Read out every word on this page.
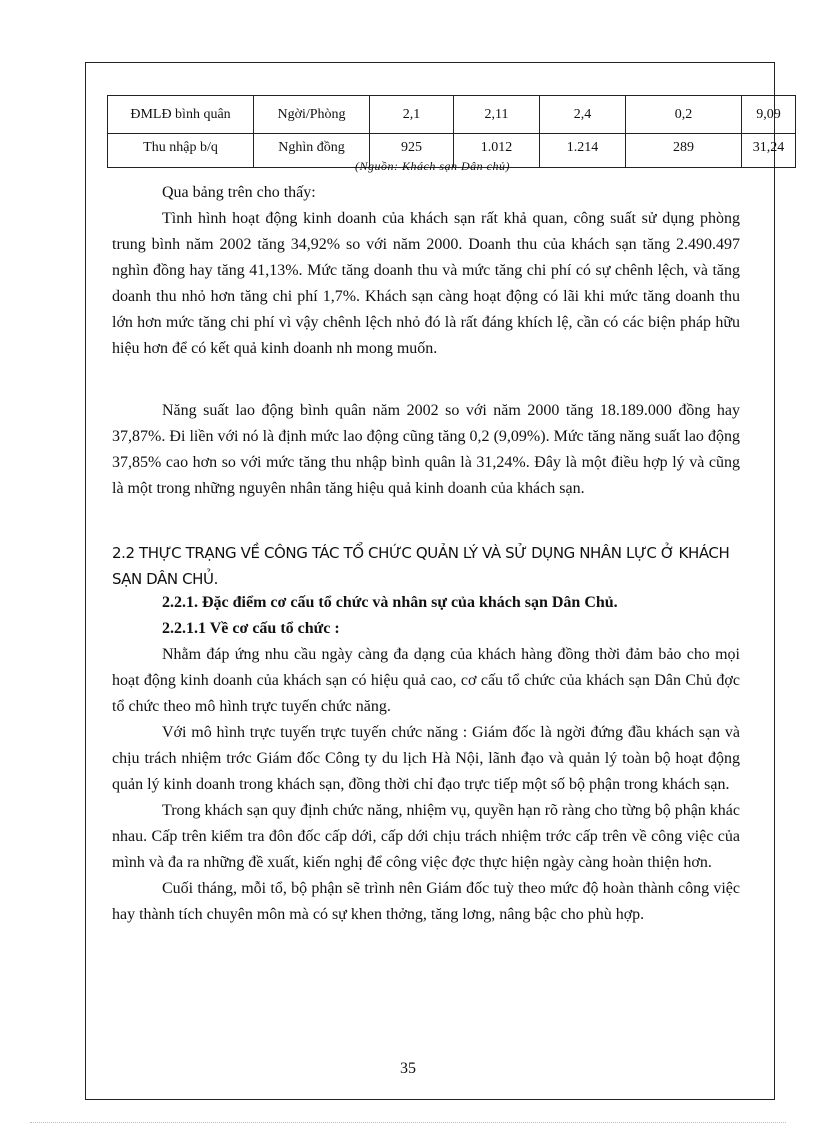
ĐMLĐ bình quân	Ngời/Phòng	2,1	2,11	2,4	0,2	9,09
Thu nhập b/q	Nghìn đồng	925	1.012	1.214	289	31,24
(Nguồn: Khách sạn Dân chủ)

Qua bảng trên cho thấy:

Tình hình hoạt động kinh doanh của khách sạn rất khả quan, công suất sử dụng phòng trung bình năm 2002 tăng 34,92% so với năm 2000. Doanh thu của khách sạn tăng 2.490.497 nghìn đồng hay tăng 41,13%. Mức tăng doanh thu và mức tăng chi phí có sự chênh lệch, và tăng doanh thu nhỏ hơn tăng chi phí 1,7%. Khách sạn càng hoạt động có lãi khi mức tăng doanh thu lớn hơn mức tăng chi phí vì vậy chênh lệch nhỏ đó là rất đáng khích lệ, cần có các biện pháp hữu hiệu hơn để có kết quả kinh doanh nh mong muốn.

Năng suất lao động bình quân năm 2002 so với năm 2000 tăng 18.189.000 đồng hay 37,87%. Đi liền với nó là định mức lao động cũng tăng 0,2 (9,09%). Mức tăng năng suất lao động 37,85% cao hơn so với mức tăng thu nhập bình quân là 31,24%. Đây là một điều hợp lý và cũng là một trong những nguyên nhân tăng hiệu quả kinh doanh của khách sạn.

2.2 THỰC TRẠNG VỀ CÔNG TÁC TỔ CHỨC QUẢN LÝ VÀ SỬ DỤNG NHÂN LỰC Ở KHÁCH SẠN DÂN CHỦ.

2.2.1. Đặc điểm cơ cấu tổ chức và nhân sự của khách sạn Dân Chủ.

2.2.1.1 Về cơ cấu tổ chức :

Nhằm đáp ứng nhu cầu ngày càng đa dạng của khách hàng đồng thời đảm bảo cho mọi hoạt động kinh doanh của khách sạn có hiệu quả cao, cơ cấu tổ chức của khách sạn Dân Chủ đợc tổ chức theo mô hình trực tuyến chức năng.

Với mô hình trực tuyến trực tuyến chức năng : Giám đốc là ngời đứng đầu khách sạn và chịu trách nhiệm trớc Giám đốc Công ty du lịch Hà Nội, lãnh đạo và quản lý toàn bộ hoạt động quản lý kinh doanh trong khách sạn, đồng thời chỉ đạo trực tiếp một số bộ phận trong khách sạn.

Trong khách sạn quy định chức năng, nhiệm vụ, quyền hạn rõ ràng cho từng bộ phận khác nhau. Cấp trên kiểm tra đôn đốc cấp dới, cấp dới chịu trách nhiệm trớc cấp trên về công việc của mình và đa ra những đề xuất, kiến nghị để công việc đợc thực hiện ngày càng hoàn thiện hơn.

Cuối tháng, mỗi tổ, bộ phận sẽ trình nên Giám đốc tuỳ theo mức độ hoàn thành công việc hay thành tích chuyên môn mà có sự khen thởng, tăng lơng, nâng bậc cho phù hợp.

35
